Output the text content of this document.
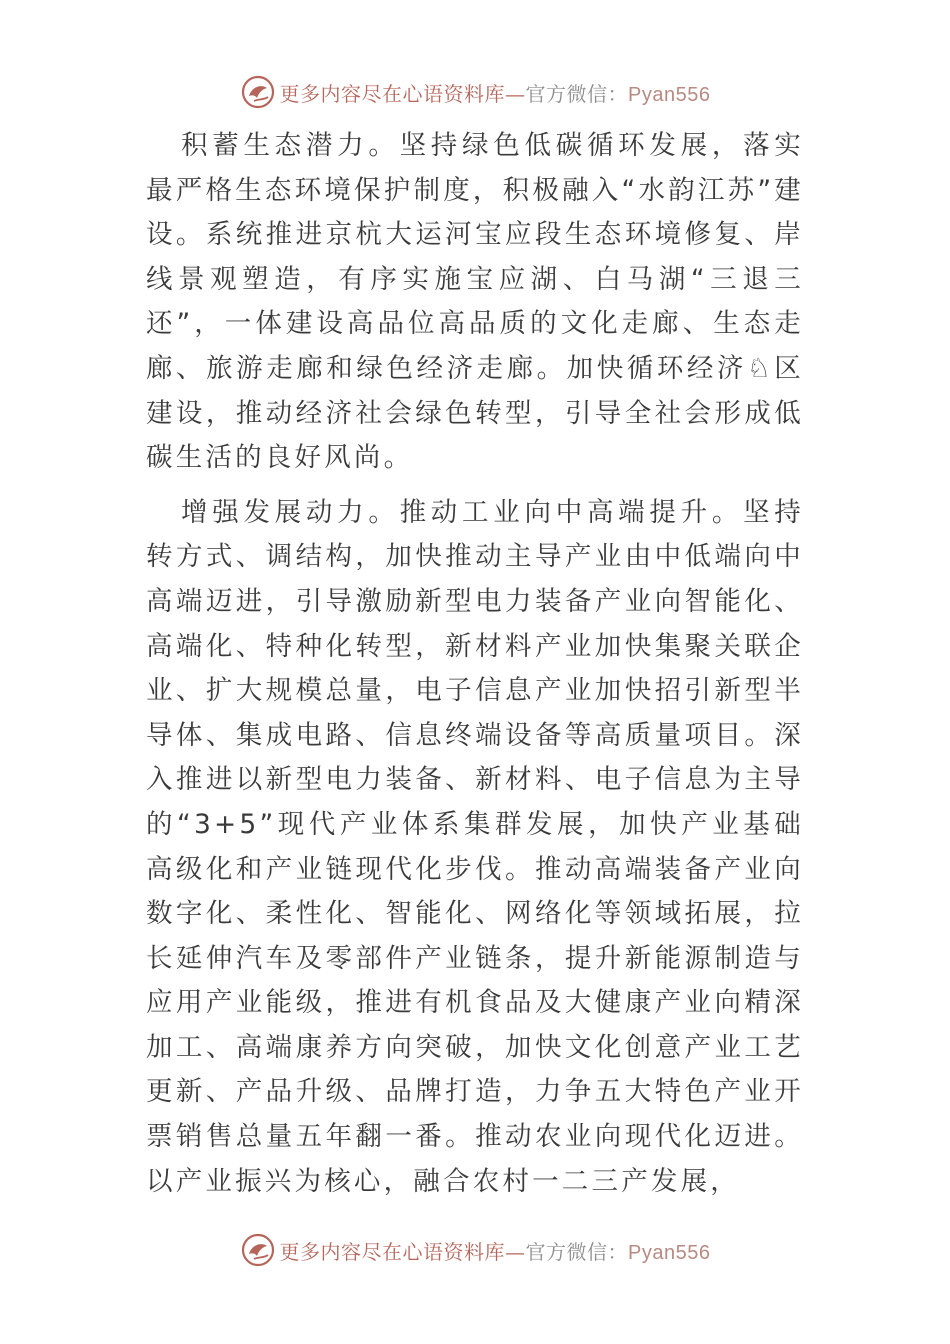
更多内容尽在心语资料库—官方微信：Pyan556

积蓄生态潜力。坚持绿色低碳循环发展，落实最严格生态环境保护制度，积极融入“水韵江苏”建设。系统推进京杭大运河宝应段生态环境修复、岸线景观塑造，有序实施宝应湖、白马湖“三退三还”，一体建设高品位高品质的文化走廊、生态走廊、旅游走廊和绿色经济走廊。加快循环经济♘区建设，推动经济社会绿色转型，引导全社会形成低碳生活的良好风尚。

增强发展动力。推动工业向中高端提升。坚持转方式、调结构，加快推动主导产业由中低端向中高端迈进，引导激励新型电力装备产业向智能化、高端化、特种化转型，新材料产业加快集聚关联企业、扩大规模总量，电子信息产业加快招引新型半导体、集成电路、信息终端设备等高质量项目。深入推进以新型电力装备、新材料、电子信息为主导的“3+5”现代产业体系集群发展，加快产业基础高级化和产业链现代化步伐。推动高端装备产业向数字化、柔性化、智能化、网络化等领域拓展，拉长延伸汽车及零部件产业链条，提升新能源制造与应用产业能级，推进有机食品及大健康产业向精深加工、高端康养方向突破，加快文化创意产业工艺更新、产品升级、品牌打造，力争五大特色产业开票销售总量五年翻一番。推动农业向现代化迈进。以产业振兴为核心，融合农村一二三产发展，

更多内容尽在心语资料库—官方微信：Pyan556
